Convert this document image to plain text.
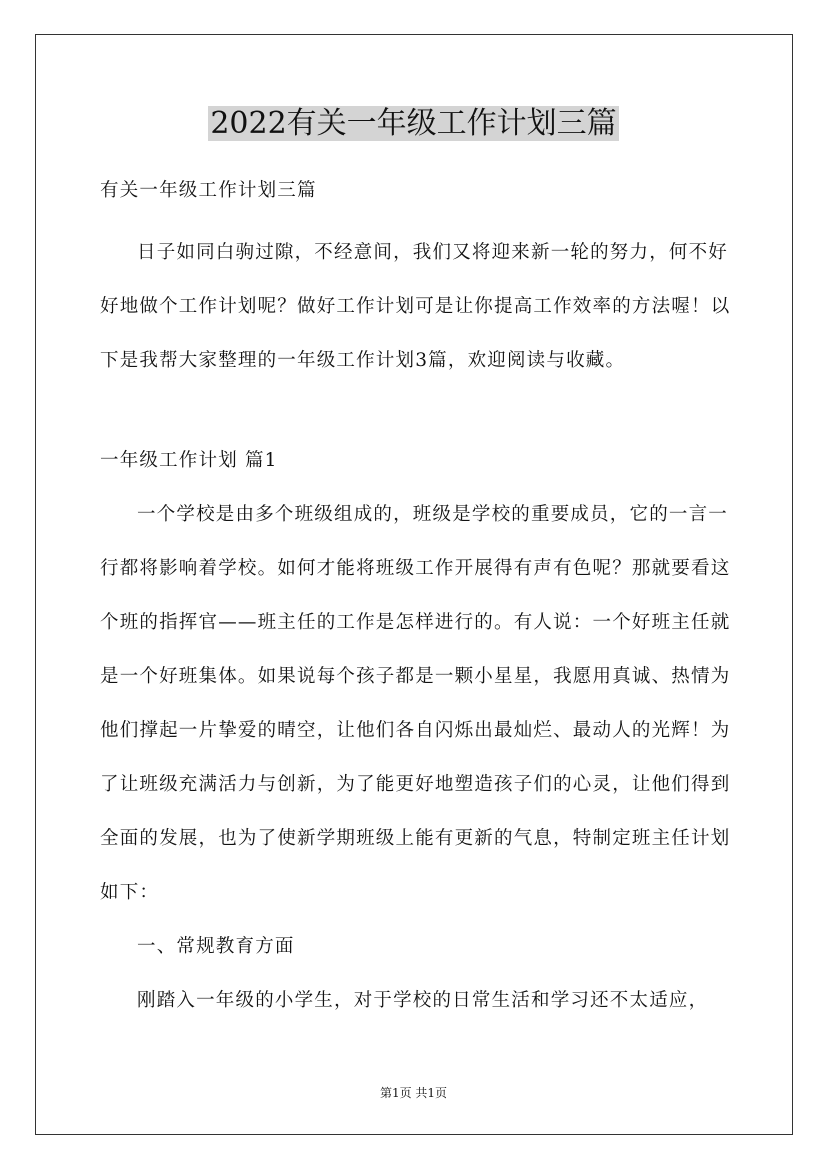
2022有关一年级工作计划三篇

有关一年级工作计划三篇

日子如同白驹过隙，不经意间，我们又将迎来新一轮的努力，何不好好地做个工作计划呢？做好工作计划可是让你提高工作效率的方法喔！以下是我帮大家整理的一年级工作计划3篇，欢迎阅读与收藏。

一年级工作计划 篇1

一个学校是由多个班级组成的，班级是学校的重要成员，它的一言一行都将影响着学校。如何才能将班级工作开展得有声有色呢？那就要看这个班的指挥官——班主任的工作是怎样进行的。有人说：一个好班主任就是一个好班集体。如果说每个孩子都是一颗小星星，我愿用真诚、热情为他们撑起一片挚爱的晴空，让他们各自闪烁出最灿烂、最动人的光辉！为了让班级充满活力与创新，为了能更好地塑造孩子们的心灵，让他们得到全面的发展，也为了使新学期班级上能有更新的气息，特制定班主任计划如下：

一、常规教育方面

刚踏入一年级的小学生，对于学校的日常生活和学习还不太适应，

第1页 共1页
